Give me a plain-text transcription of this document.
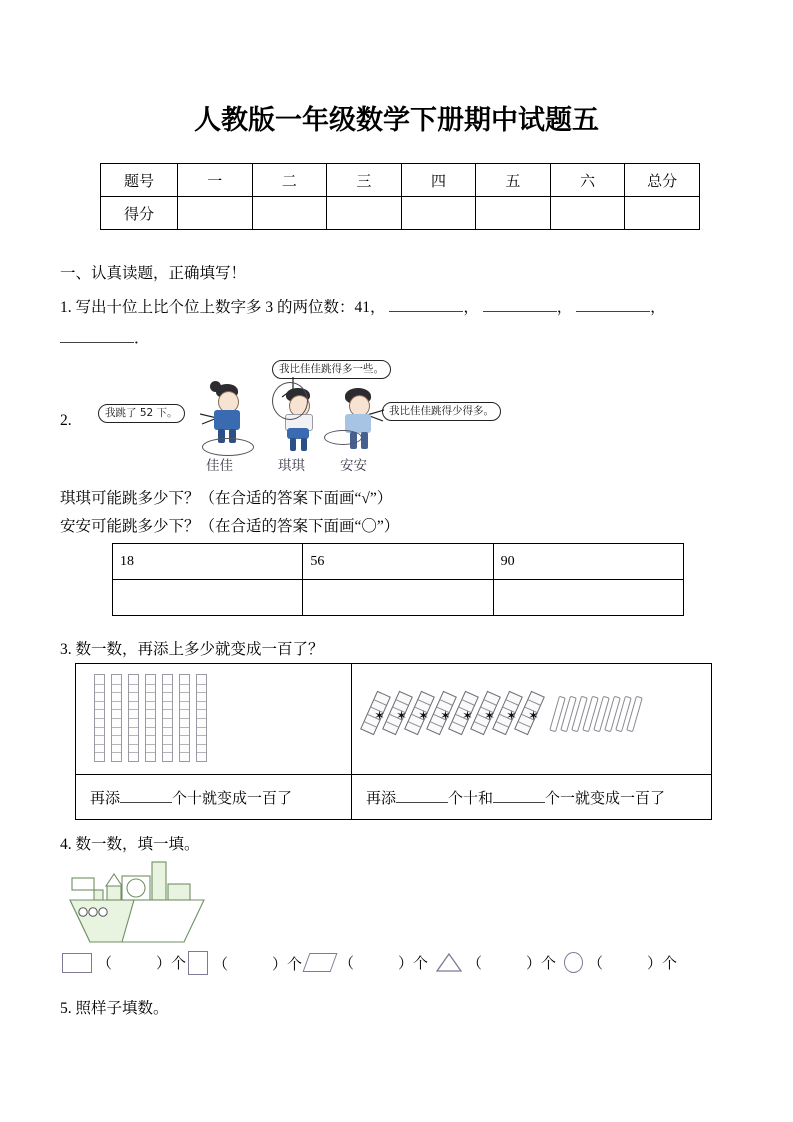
人教版一年级数学下册期中试题五
题号	一	二	三	四	五	六	总分
得分							
一、认真读题，正确填写！
1. 写出十位上比个位上数字多 3 的两位数：41，	，	，	，
．
2.	我跳了 52 下。
我比佳佳跳得多一些。
我比佳佳跳得少得多。
佳佳	琪琪	安安
琪琪可能跳多少下？（在合适的答案下面画“√”）
安安可能跳多少下？（在合适的答案下面画“〇”）
18	56	90

3. 数一数，再添上多少就变成一百了？

✶ ✶ ✶ ✶ ✶ ✶ ✶ ✶

再添 个十就变成一百了	再添 个十和 个一就变成一百了
4. 数一数，填一填。
（	）个 （	）个 （	）个	（	）个 （	）个
5. 照样子填数。
